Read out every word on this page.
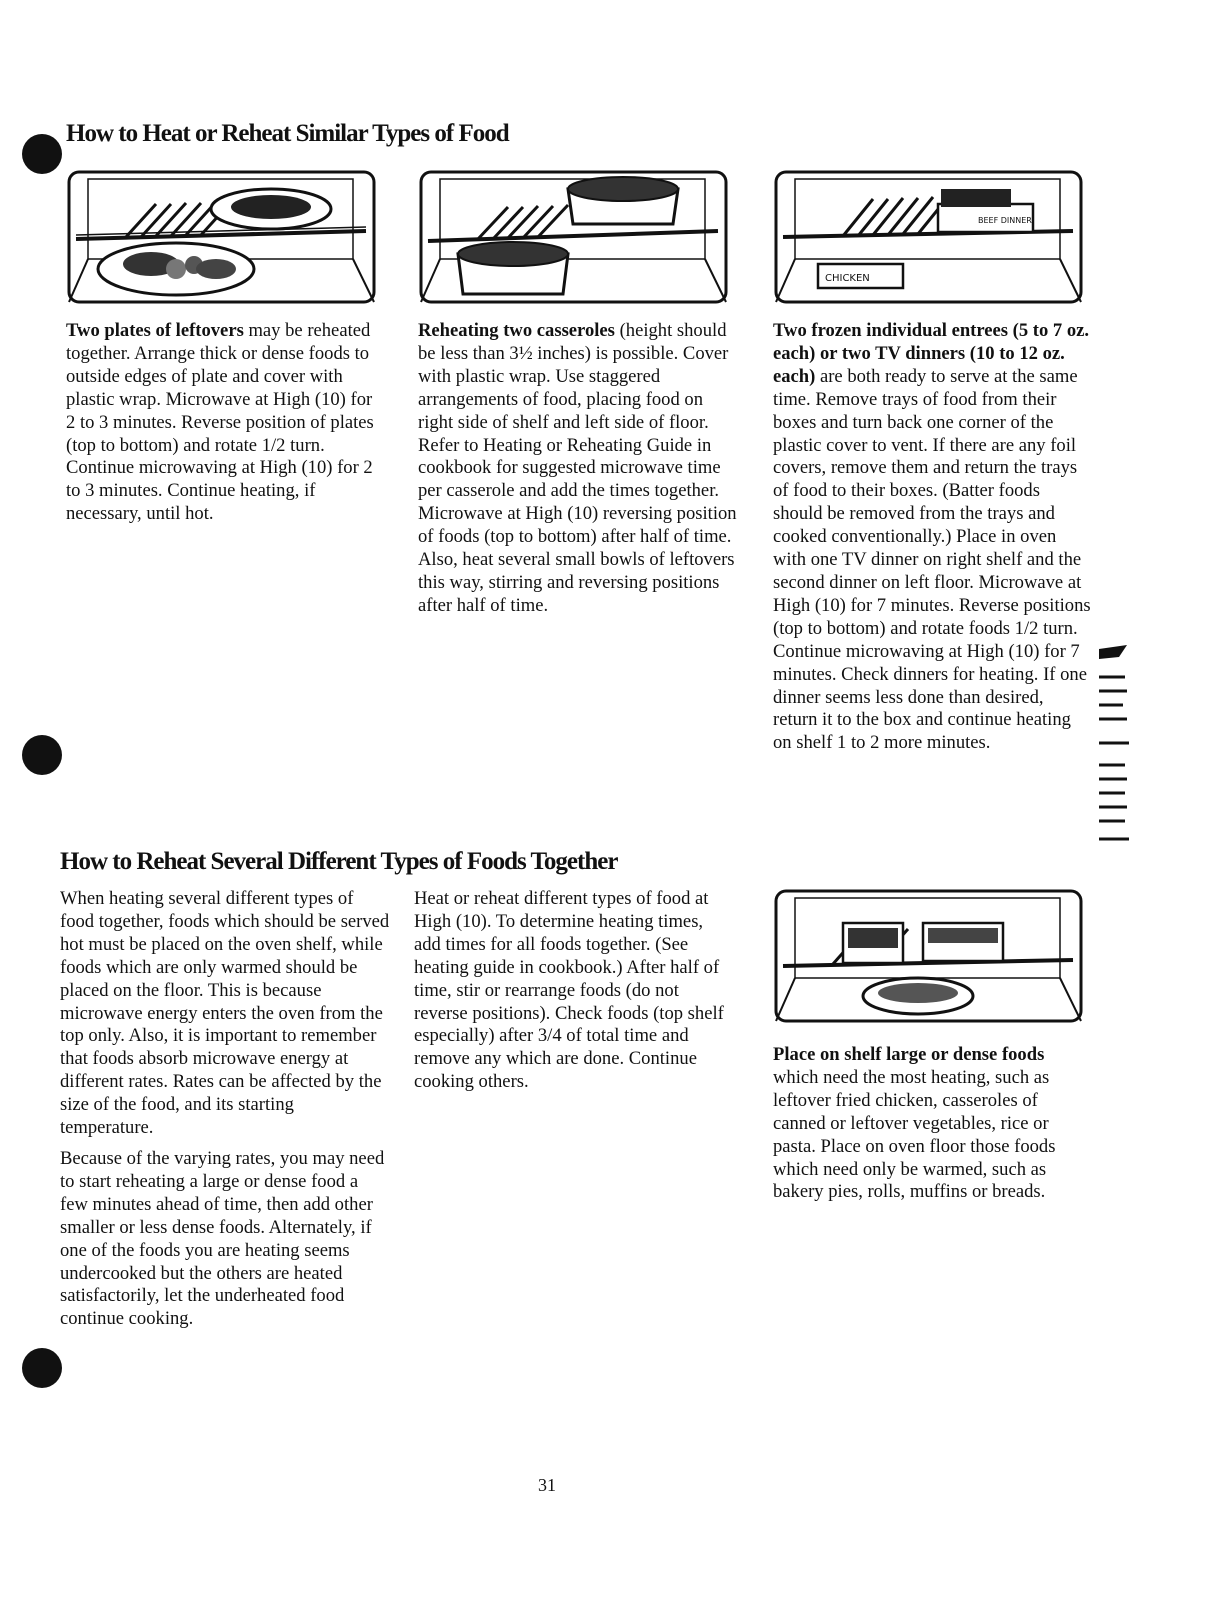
How to Heat or Reheat Similar Types of Food
BEEF DINNER
CHICKEN

Two plates of leftovers may be reheated together. Arrange thick or dense foods to outside edges of plate and cover with plastic wrap. Microwave at High (10) for 2 to 3 minutes. Reverse position of plates (top to bottom) and rotate 1/2 turn. Continue microwaving at High (10) for 2 to 3 minutes. Continue heating, if necessary, until hot.

Reheating two casseroles (height should be less than 3½ inches) is possible. Cover with plastic wrap. Use staggered arrangements of food, placing food on right side of shelf and left side of floor. Refer to Heating or Reheating Guide in cookbook for suggested microwave time per casserole and add the times together. Microwave at High (10) reversing position of foods (top to bottom) after half of time. Also, heat several small bowls of leftovers this way, stirring and reversing positions after half of time.

Two frozen individual entrees (5 to 7 oz. each) or two TV dinners (10 to 12 oz. each) are both ready to serve at the same time. Remove trays of food from their boxes and turn back one corner of the plastic cover to vent. If there are any foil covers, remove them and return the trays of food to their boxes. (Batter foods should be removed from the trays and cooked conventionally.) Place in oven with one TV dinner on right shelf and the second dinner on left floor. Microwave at High (10) for 7 minutes. Reverse positions (top to bottom) and rotate foods 1/2 turn. Continue microwaving at High (10) for 7 minutes. Check dinners for heating. If one dinner seems less done than desired, return it to the box and continue heating on shelf 1 to 2 more minutes.

How to Reheat Several Different Types of Foods Together

When heating several different types of food together, foods which should be served hot must be placed on the oven shelf, while foods which are only warmed should be placed on the floor. This is because microwave energy enters the oven from the top only. Also, it is important to remember that foods absorb microwave energy at different rates. Rates can be affected by the size of the food, and its starting temperature.

Because of the varying rates, you may need to start reheating a large or dense food a few minutes ahead of time, then add other smaller or less dense foods. Alternately, if one of the foods you are heating seems undercooked but the others are heated satisfactorily, let the underheated food continue cooking.

Heat or reheat different types of food at High (10). To determine heating times, add times for all foods together. (See heating guide in cookbook.) After half of time, stir or rearrange foods (do not reverse positions). Check foods (top shelf especially) after 3/4 of total time and remove any which are done. Continue cooking others.

Place on shelf large or dense foods which need the most heating, such as leftover fried chicken, casseroles of canned or leftover vegetables, rice or pasta. Place on oven floor those foods which need only be warmed, such as bakery pies, rolls, muffins or breads.

31
